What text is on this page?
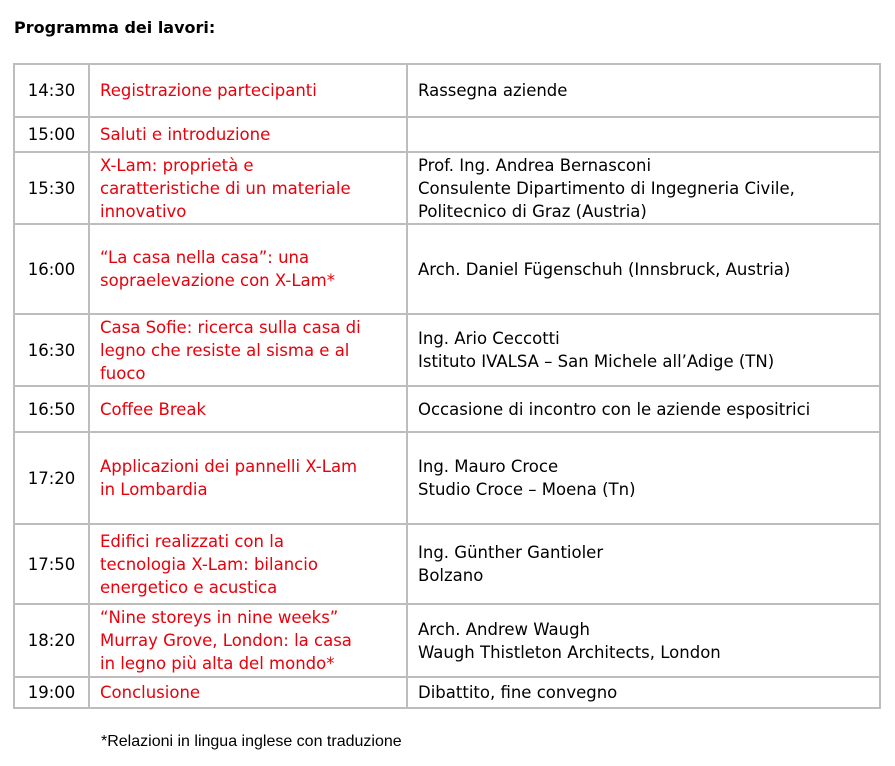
Programma dei lavori:
14:30	Registrazione partecipanti	Rassegna aziende

15:00	Saluti e introduzione	

15:30	X-Lam: proprietà e
caratteristiche di un materiale
innovativo	Prof. Ing. Andrea Bernasconi
Consulente Dipartimento di Ingegneria Civile,
Politecnico di Graz (Austria)

16:00	“La casa nella casa”: una
sopraelevazione con X-Lam*	Arch. Daniel Fügenschuh (Innsbruck, Austria)

16:30	Casa Sofie: ricerca sulla casa di
legno che resiste al sisma e al
fuoco	Ing. Ario Ceccotti
Istituto IVALSA – San Michele all’Adige (TN)

16:50	Coffee Break	Occasione di incontro con le aziende espositrici

17:20	Applicazioni dei pannelli X-Lam
in Lombardia	Ing. Mauro Croce
Studio Croce – Moena (Tn)

17:50	Edifici realizzati con la
tecnologia X-Lam: bilancio
energetico e acustica	Ing. Günther Gantioler
Bolzano

18:20	“Nine storeys in nine weeks”
Murray Grove, London: la casa
in legno più alta del mondo*	Arch. Andrew Waugh
Waugh Thistleton Architects, London

19:00	Conclusione	Dibattito, fine convegno
*Relazioni in lingua inglese con traduzione
